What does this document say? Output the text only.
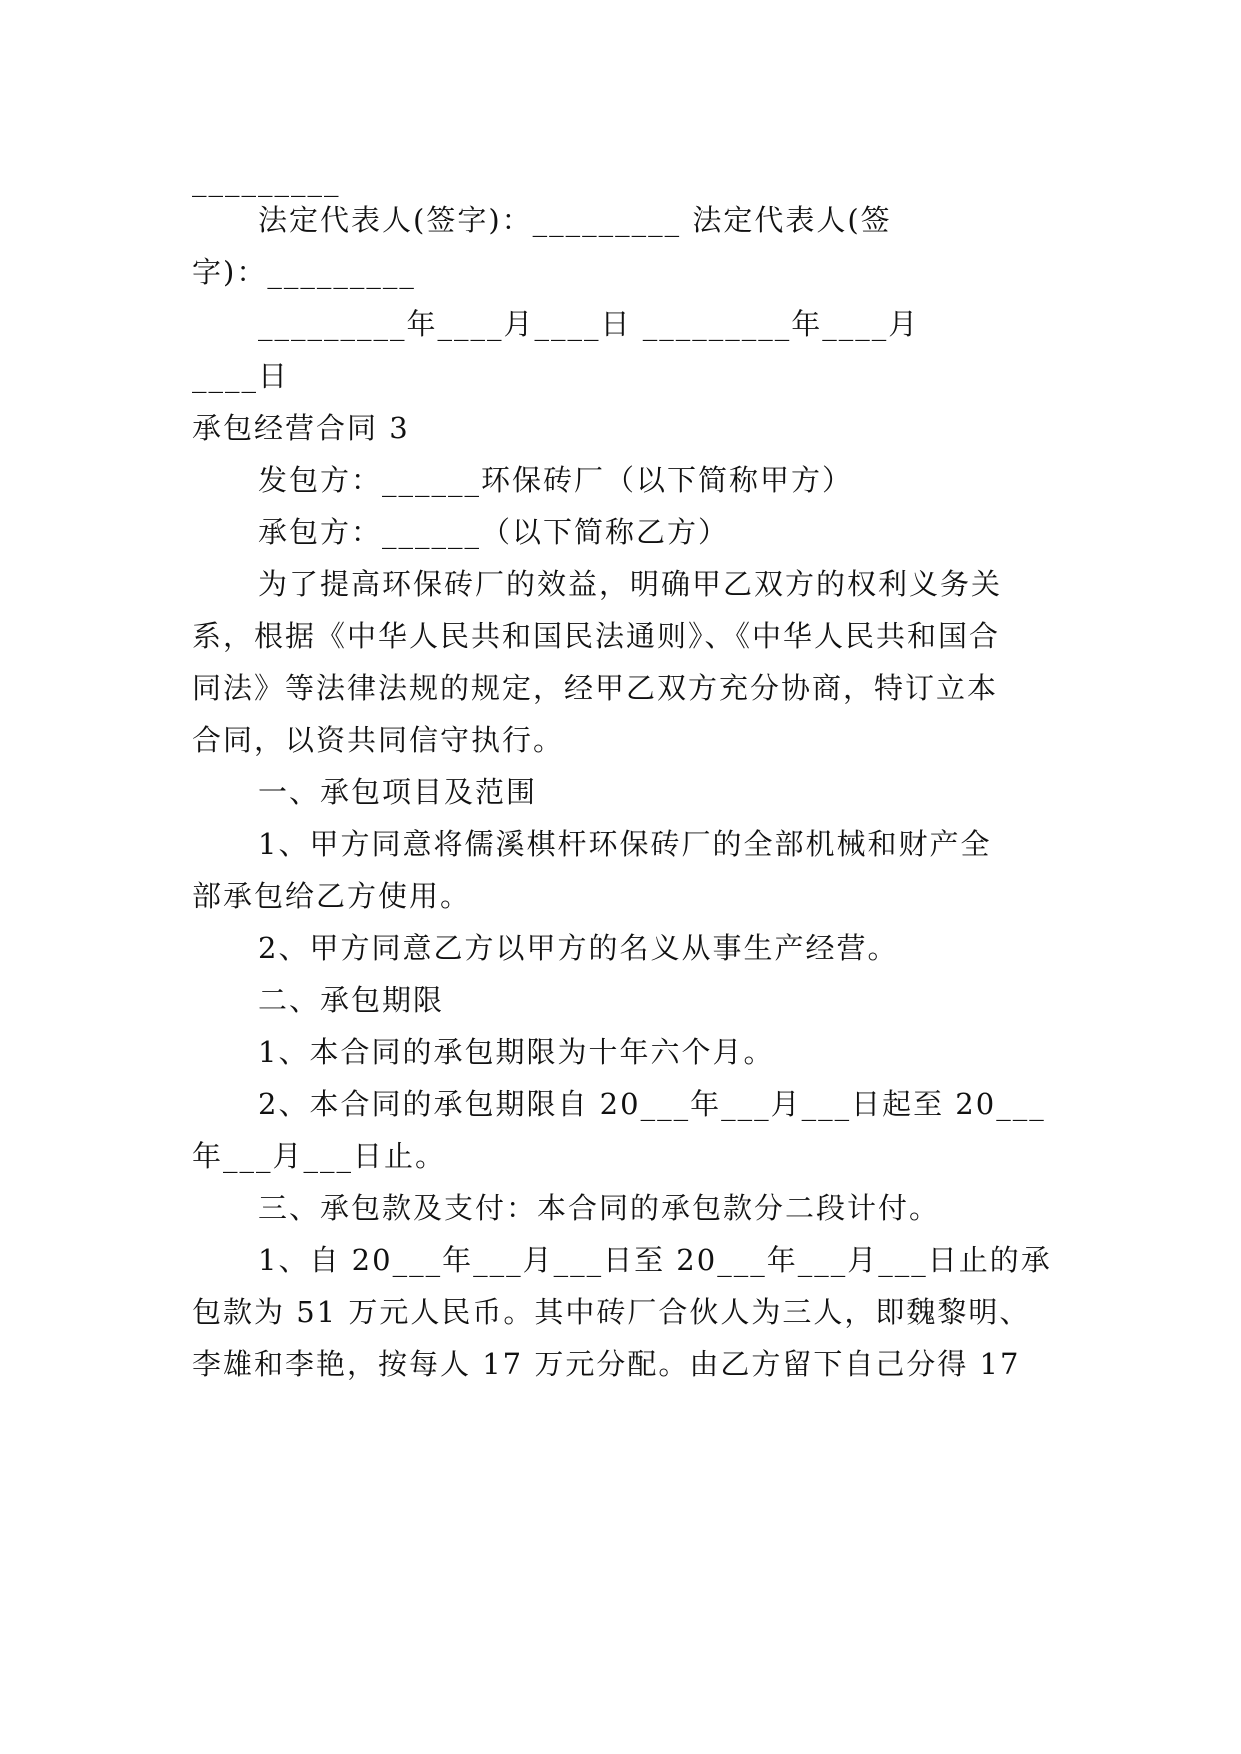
_________
法定代表人(签字)：_________ 法定代表人(签
字)：_________
_________年____月____日 _________年____月
____日
承包经营合同 3
发包方：______环保砖厂（以下简称甲方）
承包方：______（以下简称乙方）
为了提高环保砖厂的效益，明确甲乙双方的权利义务关
系，根据《中华人民共和国民法通则》、《中华人民共和国合
同法》等法律法规的规定，经甲乙双方充分协商，特订立本
合同，以资共同信守执行。
一、承包项目及范围
1、甲方同意将儒溪棋杆环保砖厂的全部机械和财产全
部承包给乙方使用。
2、甲方同意乙方以甲方的名义从事生产经营。
二、承包期限
1、本合同的承包期限为十年六个月。
2、本合同的承包期限自 20___年___月___日起至 20___
年___月___日止。
三、承包款及支付：本合同的承包款分二段计付。
1、自 20___年___月___日至 20___年___月___日止的承
包款为 51 万元人民币。其中砖厂合伙人为三人，即魏黎明、
李雄和李艳，按每人 17 万元分配。由乙方留下自己分得 17
